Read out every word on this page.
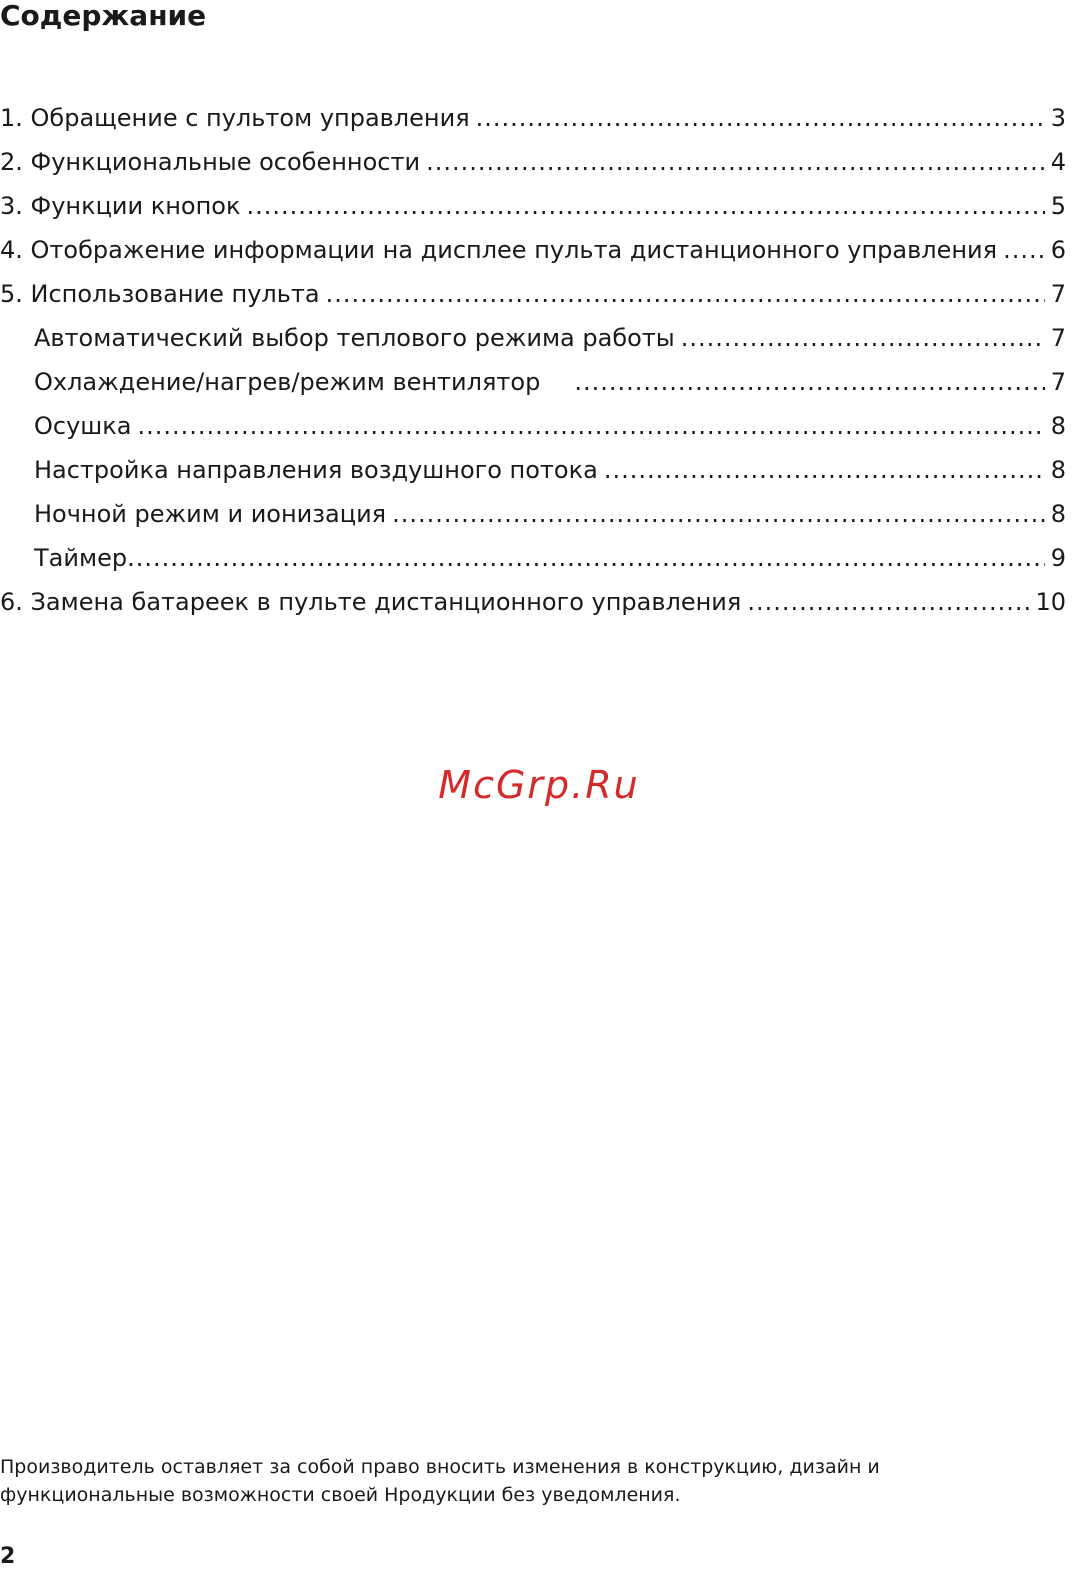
Содержание
1. Обращение с пультом управления .....	3
2. Функциональные особенности .....	4
3. Функции кнопок .....	5
4. Отображение информации на дисплее пульта дистанционного управления ..... 6
5. Использование пульта .....	7
Автоматический выбор теплового режима работы .....	7
Охлаждение/нагрев/режим вентилятор .....	7
Осушка .....	8
Настройка направления воздушного потока .....	8
Ночной режим и ионизация .....	8
Таймер .....	9
6. Замена батареек в пульте дистанционного управления .....	10
McGrp.Ru

Производитель оставляет за собой право вносить изменения в конструкцию, дизайн и функциональные возможности своей Нродукции без уведомления.

2
